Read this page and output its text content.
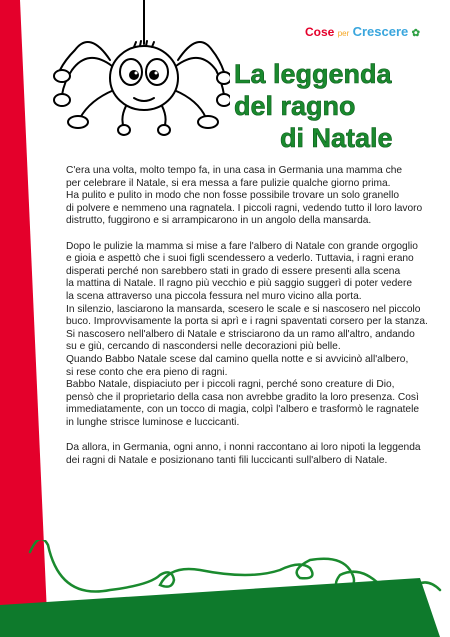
Cose per Crescere ✿
La leggenda
del ragno
di Natale

C'era una volta, molto tempo fa, in una casa in Germania una mamma che
per celebrare il Natale, si era messa a fare pulizie qualche giorno prima.
Ha pulito e pulito in modo che non fosse possibile trovare un solo granello
di polvere e nemmeno una ragnatela. I piccoli ragni, vedendo tutto il loro lavoro
distrutto, fuggirono e si arrampicarono in un angolo della mansarda.

Dopo le pulizie la mamma si mise a fare l'albero di Natale con grande orgoglio
e gioia e aspettò che i suoi figli scendessero a vederlo. Tuttavia, i ragni erano
disperati perché non sarebbero stati in grado di essere presenti alla scena
la mattina di Natale. Il ragno più vecchio e più saggio suggerì di poter vedere
la scena attraverso una piccola fessura nel muro vicino alla porta.
In silenzio, lasciarono la mansarda, scesero le scale e si nascosero nel piccolo
buco. Improvvisamente la porta si aprì e i ragni spaventati corsero per la stanza.
Si nascosero nell'albero di Natale e strisciarono da un ramo all'altro, andando
su e giù, cercando di nascondersi nelle decorazioni più belle.
Quando Babbo Natale scese dal camino quella notte e si avvicinò all'albero,
si rese conto che era pieno di ragni.
Babbo Natale, dispiaciuto per i piccoli ragni, perché sono creature di Dio,
pensò che il proprietario della casa non avrebbe gradito la loro presenza. Così
immediatamente, con un tocco di magia, colpì l'albero e trasformò le ragnatele
in lunghe strisce luminose e luccicanti.

Da allora, in Germania, ogni anno, i nonni raccontano ai loro nipoti la leggenda
dei ragni di Natale e posizionano tanti fili luccicanti sull'albero di Natale.
